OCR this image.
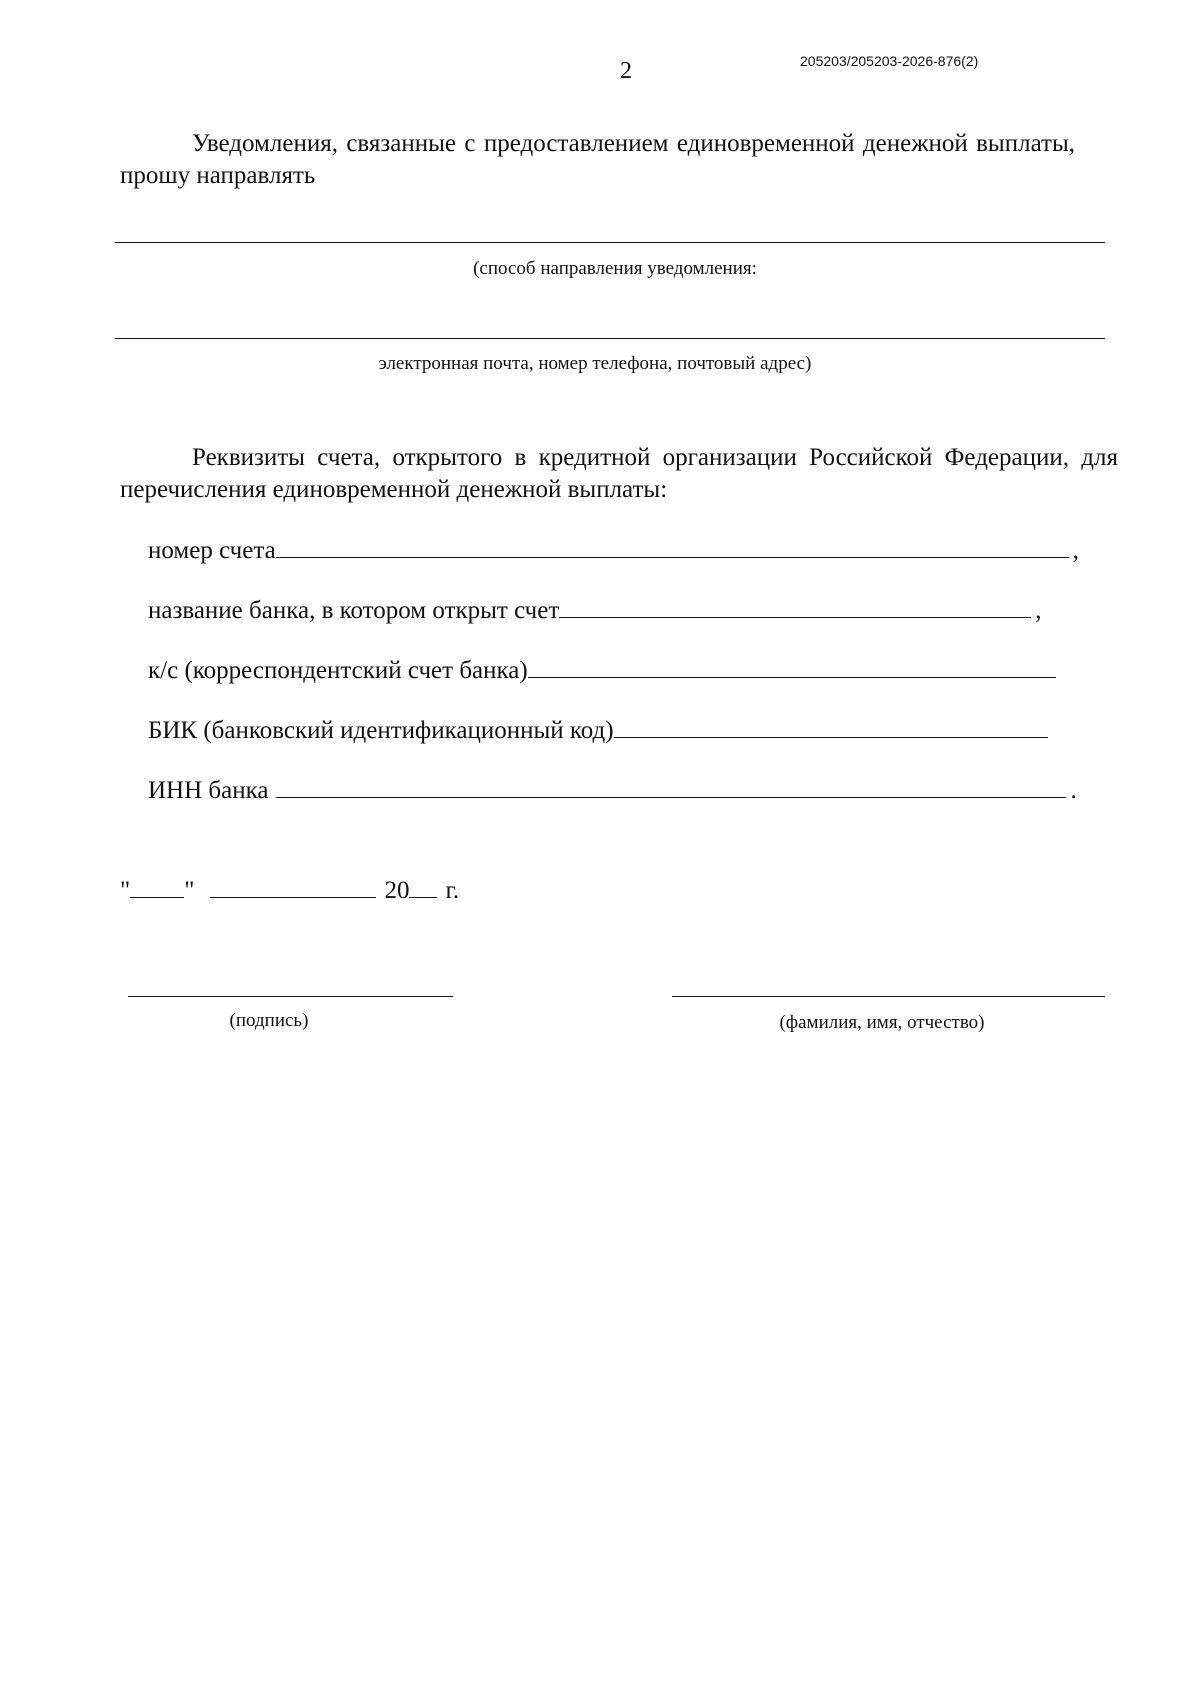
2	205203/205203-2026-876(2)
Уведомления, связанные с предоставлением единовременной денежной выплаты, прошу направлять
(способ направления уведомления:
электронная почта, номер телефона, почтовый адрес)
Реквизиты счета, открытого в кредитной организации Российской Федерации, для перечисления единовременной денежной выплаты:
номер счета	,
название банка, в котором открыт счет	,
к/с (корреспондентский счет банка)
БИК (банковский идентификационный код)
ИНН банка	.
" "	20 г.
(подпись)	(фамилия, имя, отчество)
